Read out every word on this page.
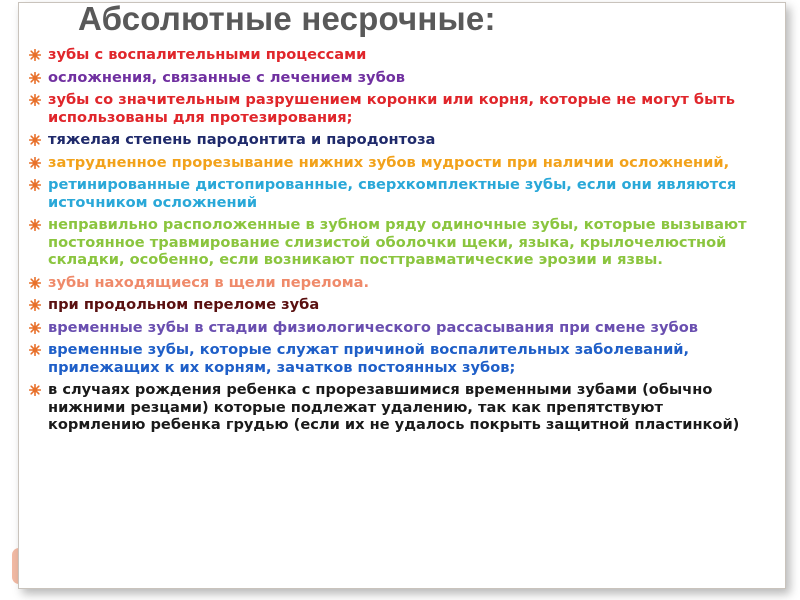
Абсолютные несрочные:
зубы с воспалительными процессами
осложнения, связанные с лечением зубов
зубы со значительным разрушением коронки или корня, которые не могут быть использованы для протезирования;
тяжелая степень пародонтита и пародонтоза
затрудненное прорезывание нижних зубов мудрости при наличии осложнений,
ретинированные дистопированные, сверхкомплектные зубы, если они являются источником осложнений
неправильно расположенные в зубном ряду одиночные зубы, которые вызывают постоянное травмирование слизистой оболочки щеки, языка, крылочелюстной складки, особенно, если возникают посттравматические эрозии и язвы.
зубы находящиеся в щели перелома.
при продольном переломе зуба
временные зубы в стадии физиологического рассасывания при смене зубов
временные зубы, которые служат причиной воспалительных заболеваний, прилежащих к их корням, зачатков постоянных зубов;
в случаях рождения ребенка с прорезавшимися временными зубами (обычно нижними резцами) которые подлежат удалению, так как препятствуют кормлению ребенка грудью (если их не удалось покрыть защитной пластинкой)
